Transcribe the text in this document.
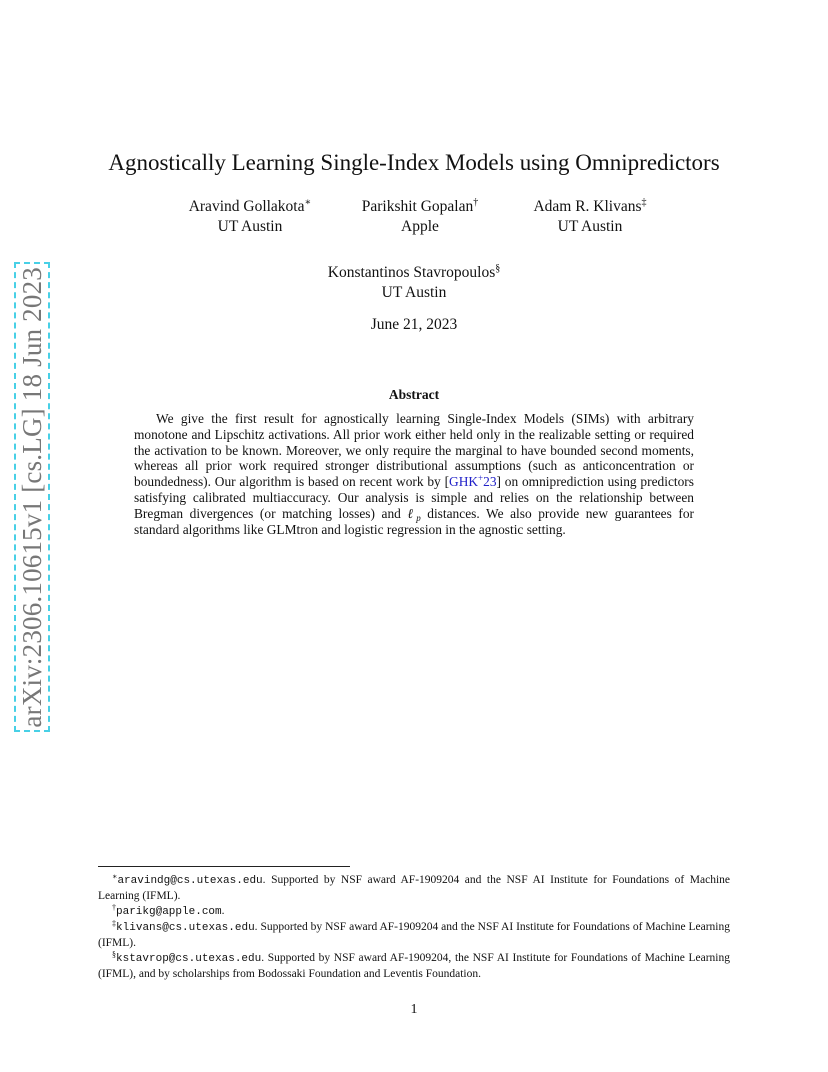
arXiv:2306.10615v1 [cs.LG] 18 Jun 2023
Agnostically Learning Single-Index Models using Omnipredictors
Aravind Gollakota∗
UT Austin
Parikshit Gopalan†
Apple
Adam R. Klivans‡
UT Austin
Konstantinos Stavropoulos§
UT Austin
June 21, 2023
Abstract

We give the first result for agnostically learning Single-Index Models (SIMs) with arbitrary monotone and Lipschitz activations. All prior work either held only in the realizable setting or required the activation to be known. Moreover, we only require the marginal to have bounded second moments, whereas all prior work required stronger distributional assumptions (such as anticoncentration or boundedness). Our algorithm is based on recent work by [GHK+23] on omniprediction using predictors satisfying calibrated multiaccuracy. Our analysis is simple and relies on the relationship between Bregman divergences (or matching losses) and ℓ$_p$ distances. We also provide new guarantees for standard algorithms like GLMtron and logistic regression in the agnostic setting.

∗aravindg@cs.utexas.edu. Supported by NSF award AF-1909204 and the NSF AI Institute for Foundations of Machine Learning (IFML).

†parikg@apple.com.

‡klivans@cs.utexas.edu. Supported by NSF award AF-1909204 and the NSF AI Institute for Foundations of Machine Learning (IFML).

§kstavrop@cs.utexas.edu. Supported by NSF award AF-1909204, the NSF AI Institute for Foundations of Machine Learning (IFML), and by scholarships from Bodossaki Foundation and Leventis Foundation.

1
